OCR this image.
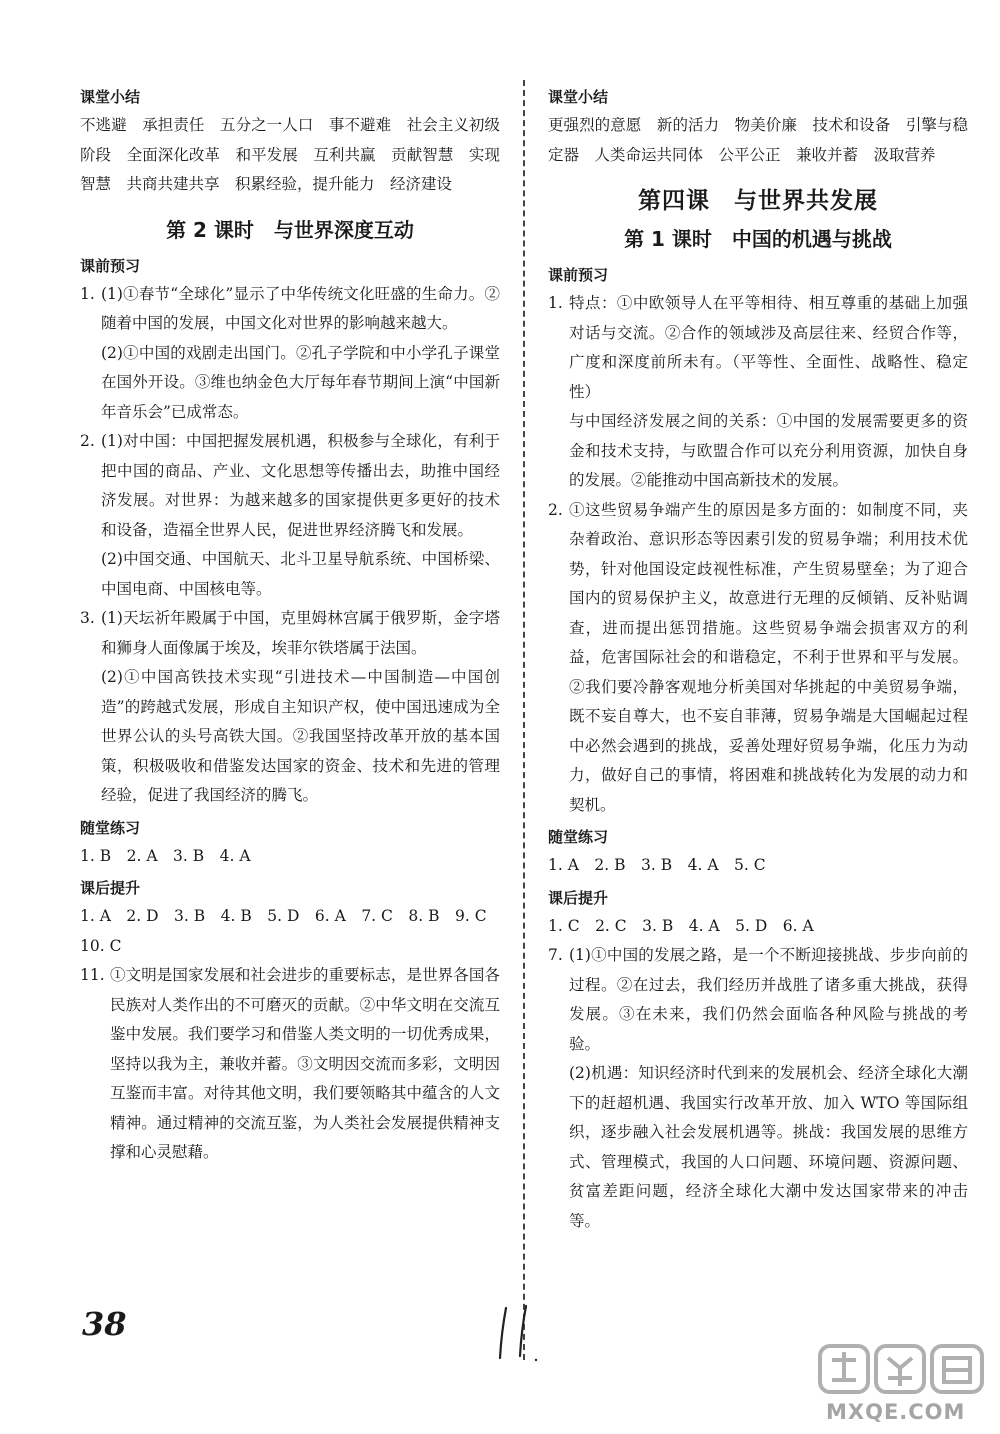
课堂小结

不逃避　承担责任　五分之一人口　事不避难　社会主义初级阶段　全面深化改革　和平发展　互利共赢　贡献智慧　实现智慧　共商共建共享　积累经验，提升能力　经济建设

第 2 课时　与世界深度互动
课前预习
1. (1)①春节“全球化”显示了中华传统文化旺盛的生命力。②随着中国的发展，中国文化对世界的影响越来越大。

(2)①中国的戏剧走出国门。②孔子学院和中小学孔子课堂在国外开设。③维也纳金色大厅每年春节期间上演“中国新年音乐会”已成常态。

2. (1)对中国：中国把握发展机遇，积极参与全球化，有利于把中国的商品、产业、文化思想等传播出去，助推中国经济发展。对世界：为越来越多的国家提供更多更好的技术和设备，造福全世界人民，促进世界经济腾飞和发展。

(2)中国交通、中国航天、北斗卫星导航系统、中国桥梁、中国电商、中国核电等。

3. (1)天坛祈年殿属于中国，克里姆林宫属于俄罗斯，金字塔和狮身人面像属于埃及，埃菲尔铁塔属于法国。

(2)①中国高铁技术实现“引进技术—中国制造—中国创造”的跨越式发展，形成自主知识产权，使中国迅速成为全世界公认的头号高铁大国。②我国坚持改革开放的基本国策，积极吸收和借鉴发达国家的资金、技术和先进的管理经验，促进了我国经济的腾飞。

随堂练习

1. B　2. A　3. B　4. A

课后提升

1. A　2. D　3. B　4. B　5. D　6. A　7. C　8. B　9. C

10. C

11. ①文明是国家发展和社会进步的重要标志，是世界各国各民族对人类作出的不可磨灭的贡献。②中华文明在交流互鉴中发展。我们要学习和借鉴人类文明的一切优秀成果，坚持以我为主，兼收并蓄。③文明因交流而多彩，文明因互鉴而丰富。对待其他文明，我们要领略其中蕴含的人文精神。通过精神的交流互鉴，为人类社会发展提供精神支撑和心灵慰藉。

课堂小结

更强烈的意愿　新的活力　物美价廉　技术和设备　引擎与稳定器　人类命运共同体　公平公正　兼收并蓄　汲取营养

第四课　与世界共发展
第 1 课时　中国的机遇与挑战
课前预习
1. 特点：①中欧领导人在平等相待、相互尊重的基础上加强对话与交流。②合作的领域涉及高层往来、经贸合作等，广度和深度前所未有。（平等性、全面性、战略性、稳定性）

与中国经济发展之间的关系：①中国的发展需要更多的资金和技术支持，与欧盟合作可以充分利用资源，加快自身的发展。②能推动中国高新技术的发展。

2. ①这些贸易争端产生的原因是多方面的：如制度不同，夹杂着政治、意识形态等因素引发的贸易争端；利用技术优势，针对他国设定歧视性标准，产生贸易壁垒；为了迎合国内的贸易保护主义，故意进行无理的反倾销、反补贴调查，进而提出惩罚措施。这些贸易争端会损害双方的利益，危害国际社会的和谐稳定，不利于世界和平与发展。②我们要冷静客观地分析美国对华挑起的中美贸易争端，既不妄自尊大，也不妄自菲薄，贸易争端是大国崛起过程中必然会遇到的挑战，妥善处理好贸易争端，化压力为动力，做好自己的事情，将困难和挑战转化为发展的动力和契机。

随堂练习

1. A　2. B　3. B　4. A　5. C

课后提升

1. C　2. C　3. B　4. A　5. D　6. A

7. (1)①中国的发展之路，是一个不断迎接挑战、步步向前的过程。②在过去，我们经历并战胜了诸多重大挑战，获得发展。③在未来，我们仍然会面临各种风险与挑战的考验。

(2)机遇：知识经济时代到来的发展机会、经济全球化大潮下的赶超机遇、我国实行改革开放、加入 WTO 等国际组织，逐步融入社会发展机遇等。挑战：我国发展的思维方式、管理模式，我国的人口问题、环境问题、资源问题、贫富差距问题，经济全球化大潮中发达国家带来的冲击等。

38
MXQE.COM
